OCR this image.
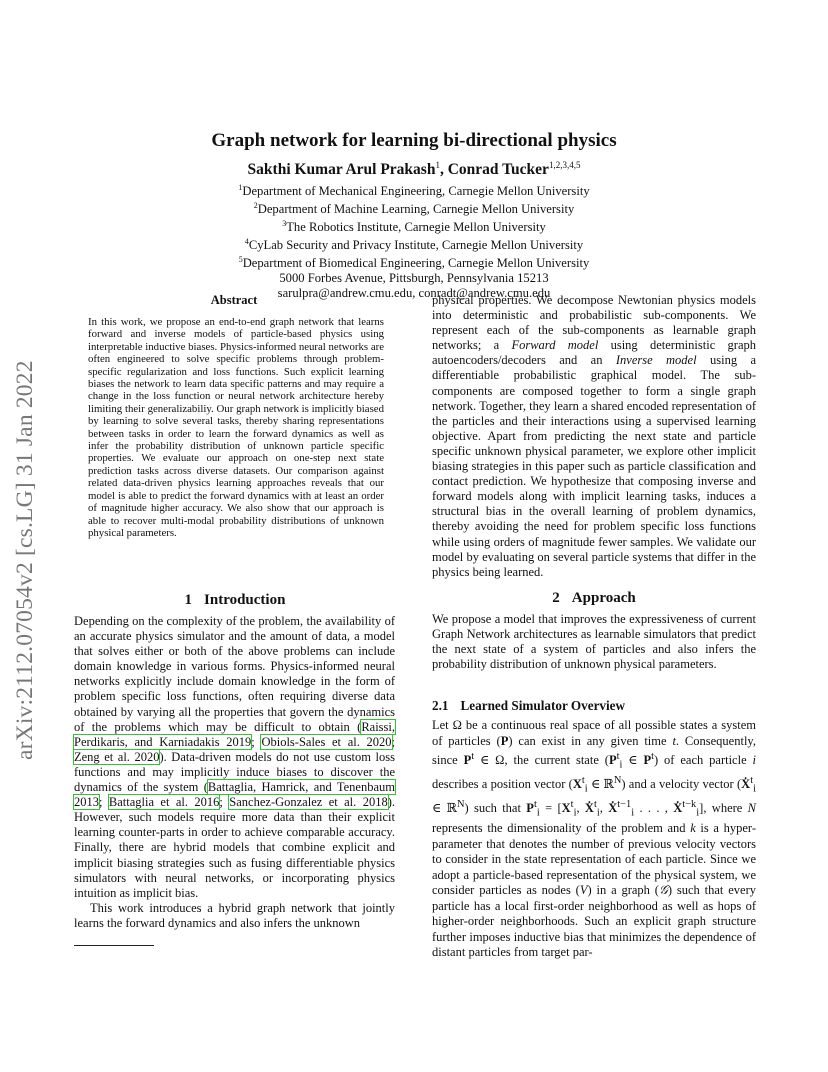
arXiv:2112.07054v2 [cs.LG] 31 Jan 2022
Graph network for learning bi-directional physics
Sakthi Kumar Arul Prakash$^1$, Conrad Tucker$^{1,2,3,4,5}$
$^1$Department of Mechanical Engineering, Carnegie Mellon University
$^2$Department of Machine Learning, Carnegie Mellon University
$^3$The Robotics Institute, Carnegie Mellon University
$^4$CyLab Security and Privacy Institute, Carnegie Mellon University
$^5$Department of Biomedical Engineering, Carnegie Mellon University
5000 Forbes Avenue, Pittsburgh, Pennsylvania 15213
sarulpra@andrew.cmu.edu, conradt@andrew.cmu.edu
Abstract
In this work, we propose an end-to-end graph network that learns forward and inverse models of particle-based physics using interpretable inductive biases. Physics-informed neural networks are often engineered to solve specific problems through problem-specific regularization and loss functions. Such explicit learning biases the network to learn data specific patterns and may require a change in the loss function or neural network architecture hereby limiting their generalizabiliy. Our graph network is implicitly biased by learning to solve several tasks, thereby sharing representations between tasks in order to learn the forward dynamics as well as infer the probability distribution of unknown particle specific properties. We evaluate our approach on one-step next state prediction tasks across diverse datasets. Our comparison against related data-driven physics learning approaches reveals that our model is able to predict the forward dynamics with at least an order of magnitude higher accuracy. We also show that our approach is able to recover multi-modal probability distributions of unknown physical parameters.
1 Introduction

Depending on the complexity of the problem, the availability of an accurate physics simulator and the amount of data, a model that solves either or both of the above problems can include domain knowledge in various forms. Physics-informed neural networks explicitly include domain knowledge in the form of problem specific loss functions, often requiring diverse data obtained by varying all the properties that govern the dynamics of the problems which may be difficult to obtain (Raissi, Perdikaris, and Karniadakis 2019; Obiols-Sales et al. 2020; Zeng et al. 2020). Data-driven models do not use custom loss functions and may implicitly induce biases to discover the dynamics of the system (Battaglia, Hamrick, and Tenenbaum 2013; Battaglia et al. 2016; Sanchez-Gonzalez et al. 2018). However, such models require more data than their explicit learning counter-parts in order to achieve comparable accuracy. Finally, there are hybrid models that combine explicit and implicit biasing strategies such as fusing differentiable physics simulators with neural networks, or incorporating physics intuition as implicit bias.

This work introduces a hybrid graph network that jointly learns the forward dynamics and also infers the unknown

physical properties. We decompose Newtonian physics models into deterministic and probabilistic sub-components. We represent each of the sub-components as learnable graph networks; a Forward model using deterministic graph autoencoders/decoders and an Inverse model using a differentiable probabilistic graphical model. The sub-components are composed together to form a single graph network. Together, they learn a shared encoded representation of the particles and their interactions using a supervised learning objective. Apart from predicting the next state and particle specific unknown physical parameter, we explore other implicit biasing strategies in this paper such as particle classification and contact prediction. We hypothesize that composing inverse and forward models along with implicit learning tasks, induces a structural bias in the overall learning of problem dynamics, thereby avoiding the need for problem specific loss functions while using orders of magnitude fewer samples. We validate our model by evaluating on several particle systems that differ in the physics being learned.

2 Approach

We propose a model that improves the expressiveness of current Graph Network architectures as learnable simulators that predict the next state of a system of particles and also infers the probability distribution of unknown physical parameters.

2.1 Learned Simulator Overview

Let Ω be a continuous real space of all possible states a system of particles (P) can exist in any given time t. Consequently, since $P^t$ ∈ Ω, the current state ($P^t_i$ ∈ $P^t$) of each particle i describes a position vector ($X^t_i$ ∈ ℝ$^N$) and a velocity vector (Ẋ$^t_i$ ∈ ℝ$^N$) such that $P^t_i = [X^t_i$, Ẋ$^t_i$, Ẋ$^{t-1}_i$ . . . , Ẋ$^{t-k}_i$], where N represents the dimensionality of the problem and k is a hyper-parameter that denotes the number of previous velocity vectors to consider in the state representation of each particle. Since we adopt a particle-based representation of the physical system, we consider particles as nodes (V) in a graph (𝒢) such that every particle has a local first-order neighborhood as well as hops of higher-order neighborhoods. Such an explicit graph structure further imposes inductive bias that minimizes the dependence of distant particles from target par-
